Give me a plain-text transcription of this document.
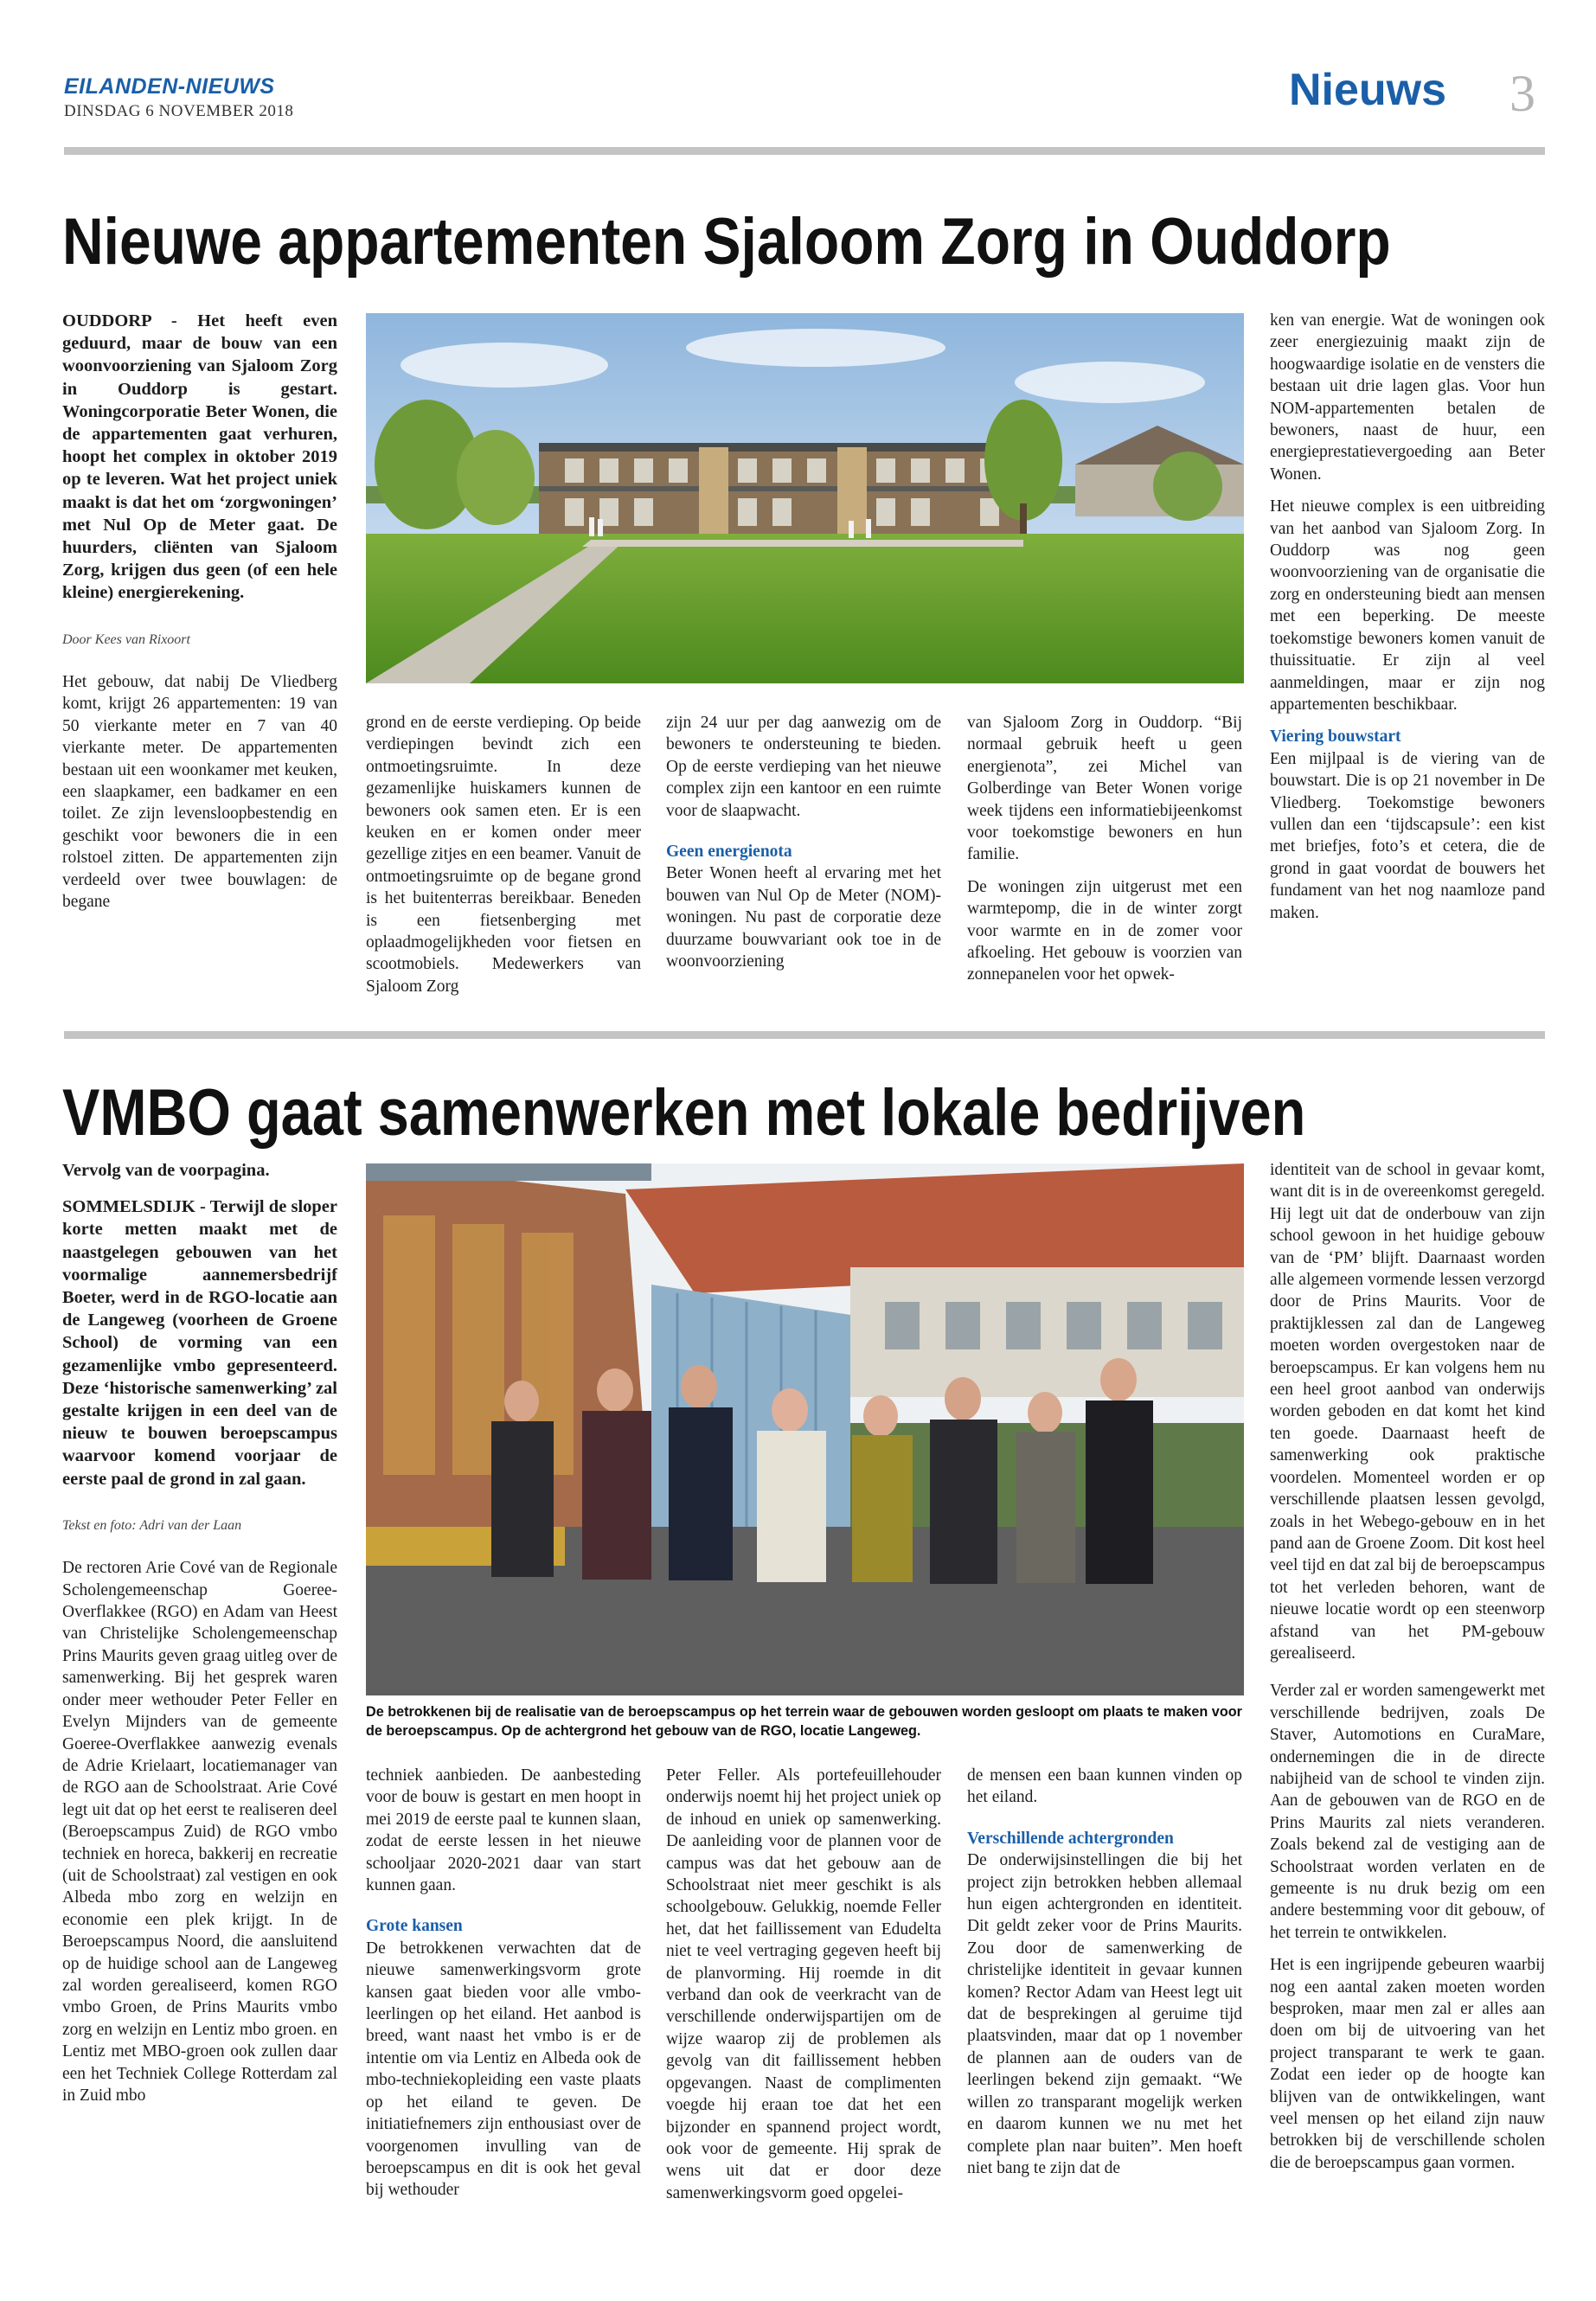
EILANDEN-NIEUWS
DINSDAG 6 NOVEMBER 2018	Nieuws 3
Nieuwe appartementen Sjaloom Zorg in Ouddorp

OUDDORP - Het heeft even geduurd, maar de bouw van een woonvoorziening van Sjaloom Zorg in Ouddorp is gestart. Woningcorporatie Beter Wonen, die de appartementen gaat verhuren, hoopt het complex in oktober 2019 op te leveren. Wat het project uniek maakt is dat het om ‘zorgwoningen’ met Nul Op de Meter gaat. De huurders, cliënten van Sjaloom Zorg, krijgen dus geen (of een hele kleine) energierekening.

Door Kees van Rixoort

Het gebouw, dat nabij De Vliedberg komt, krijgt 26 appartementen: 19 van 50 vierkante meter en 7 van 40 vierkante meter. De appartementen bestaan uit een woonkamer met keuken, een slaapkamer, een badkamer en een toilet. Ze zijn levensloopbestendig en geschikt voor bewoners die in een rolstoel zitten. De appartementen zijn verdeeld over twee bouwlagen: de begane

grond en de eerste verdieping. Op beide verdiepingen bevindt zich een ontmoetingsruimte. In deze gezamenlijke huiskamers kunnen de bewoners ook samen eten. Er is een keuken en er komen onder meer gezellige zitjes en een beamer. Vanuit de ontmoetingsruimte op de begane grond is het buitenterras bereikbaar. Beneden is een fietsenberging met oplaadmogelijkheden voor fietsen en scootmobiels. Medewerkers van Sjaloom Zorg

zijn 24 uur per dag aanwezig om de bewoners te ondersteuning te bieden. Op de eerste verdieping van het nieuwe complex zijn een kantoor en een ruimte voor de slaapwacht.

Geen energienota

Beter Wonen heeft al ervaring met het bouwen van Nul Op de Meter (NOM)-woningen. Nu past de corporatie deze duurzame bouwvariant ook toe in de woonvoorziening

van Sjaloom Zorg in Ouddorp. “Bij normaal gebruik heeft u geen energienota”, zei Michel van Golberdinge van Beter Wonen vorige week tijdens een informatiebijeenkomst voor toekomstige bewoners en hun familie.

De woningen zijn uitgerust met een warmtepomp, die in de winter zorgt voor warmte en in de zomer voor afkoeling. Het gebouw is voorzien van zonnepanelen voor het opwek-

ken van energie. Wat de woningen ook zeer energiezuinig maakt zijn de hoogwaardige isolatie en de vensters die bestaan uit drie lagen glas. Voor hun NOM-appartementen betalen de bewoners, naast de huur, een energieprestatievergoeding aan Beter Wonen.

Het nieuwe complex is een uitbreiding van het aanbod van Sjaloom Zorg. In Ouddorp was nog geen woonvoorziening van de organisatie die zorg en ondersteuning biedt aan mensen met een beperking. De meeste toekomstige bewoners komen vanuit de thuissituatie. Er zijn al veel aanmeldingen, maar er zijn nog appartementen beschikbaar.

Viering bouwstart

Een mijlpaal is de viering van de bouwstart. Die is op 21 november in De Vliedberg. Toekomstige bewoners vullen dan een ‘tijdscapsule’: een kist met briefjes, foto’s et cetera, die de grond in gaat voordat de bouwers het fundament van het nog naamloze pand maken.

VMBO gaat samenwerken met lokale bedrijven
De betrokkenen bij de realisatie van de beroepscampus op het terrein waar de gebouwen worden gesloopt om plaats te maken voor de beroepscampus. Op de achtergrond het gebouw van de RGO, locatie Langeweg.

Vervolg van de voorpagina.

SOMMELSDIJK - Terwijl de sloper korte metten maakt met de naastgelegen gebouwen van het voormalige aannemersbedrijf Boeter, werd in de RGO-locatie aan de Langeweg (voorheen de Groene School) de vorming van een gezamenlijke vmbo gepresenteerd. Deze ‘historische samenwerking’ zal gestalte krijgen in een deel van de nieuw te bouwen beroepscampus waarvoor komend voorjaar de eerste paal de grond in zal gaan.

Tekst en foto: Adri van der Laan

De rectoren Arie Cové van de Regionale Scholengemeenschap Goeree-Overflakkee (RGO) en Adam van Heest van Christelijke Scholengemeenschap Prins Maurits geven graag uitleg over de samenwerking. Bij het gesprek waren onder meer wethouder Peter Feller en Evelyn Mijnders van de gemeente Goeree-Overflakkee aanwezig evenals de Adrie Krielaart, locatiemanager van de RGO aan de Schoolstraat. Arie Cové legt uit dat op het eerst te realiseren deel (Beroepscampus Zuid) de RGO vmbo techniek en horeca, bakkerij en recreatie (uit de Schoolstraat) zal vestigen en ook Albeda mbo zorg en welzijn en economie een plek krijgt. In de Beroepscampus Noord, die aansluitend op de huidige school aan de Langeweg zal worden gerealiseerd, komen RGO vmbo Groen, de Prins Maurits vmbo zorg en welzijn en Lentiz mbo groen. en Lentiz met MBO-groen ook zullen daar een het Techniek College Rotterdam zal in Zuid mbo

techniek aanbieden. De aanbesteding voor de bouw is gestart en men hoopt in mei 2019 de eerste paal te kunnen slaan, zodat de eerste lessen in het nieuwe schooljaar 2020-2021 daar van start kunnen gaan.

Grote kansen

De betrokkenen verwachten dat de nieuwe samenwerkingsvorm grote kansen gaat bieden voor alle vmbo-leerlingen op het eiland. Het aanbod is breed, want naast het vmbo is er de intentie om via Lentiz en Albeda ook de mbo-techniekopleiding een vaste plaats op het eiland te geven. De initiatiefnemers zijn enthousiast over de voorgenomen invulling van de beroepscampus en dit is ook het geval bij wethouder

Peter Feller. Als portefeuillehouder onderwijs noemt hij het project uniek op de inhoud en uniek op samenwerking. De aanleiding voor de plannen voor de campus was dat het gebouw aan de Schoolstraat niet meer geschikt is als schoolgebouw. Gelukkig, noemde Feller het, dat het faillissement van Edudelta niet te veel vertraging gegeven heeft bij de planvorming. Hij roemde in dit verband dan ook de veerkracht van de verschillende onderwijspartijen om de wijze waarop zij de problemen als gevolg van dit faillissement hebben opgevangen. Naast de complimenten voegde hij eraan toe dat het een bijzonder en spannend project wordt, ook voor de gemeente. Hij sprak de wens uit dat er door deze samenwerkingsvorm goed opgelei-

de mensen een baan kunnen vinden op het eiland.

Verschillende achtergronden

De onderwijsinstellingen die bij het project zijn betrokken hebben allemaal hun eigen achtergronden en identiteit. Dit geldt zeker voor de Prins Maurits. Zou door de samenwerking de christelijke identiteit in gevaar kunnen komen? Rector Adam van Heest legt uit dat de besprekingen al geruime tijd plaatsvinden, maar dat op 1 november de plannen aan de ouders van de leerlingen bekend zijn gemaakt. “We willen zo transparant mogelijk werken en daarom kunnen we nu met het complete plan naar buiten”. Men hoeft niet bang te zijn dat de

identiteit van de school in gevaar komt, want dit is in de overeenkomst geregeld. Hij legt uit dat de onderbouw van zijn school gewoon in het huidige gebouw van de ‘PM’ blijft. Daarnaast worden alle algemeen vormende lessen verzorgd door de Prins Maurits. Voor de praktijklessen zal dan de Langeweg moeten worden overgestoken naar de beroepscampus. Er kan volgens hem nu een heel groot aanbod van onderwijs worden geboden en dat komt het kind ten goede. Daarnaast heeft de samenwerking ook praktische voordelen. Momenteel worden er op verschillende plaatsen lessen gevolgd, zoals in het Webego-gebouw en in het pand aan de Groene Zoom. Dit kost heel veel tijd en dat zal bij de beroepscampus tot het verleden behoren, want de nieuwe locatie wordt op een steenworp afstand van het PM-gebouw gerealiseerd.

Verder zal er worden samengewerkt met verschillende bedrijven, zoals De Staver, Automotions en CuraMare, ondernemingen die in de directe nabijheid van de school te vinden zijn. Aan de gebouwen van de RGO en de Prins Maurits zal niets veranderen. Zoals bekend zal de vestiging aan de Schoolstraat worden verlaten en de gemeente is nu druk bezig om een andere bestemming voor dit gebouw, of het terrein te ontwikkelen.

Het is een ingrijpende gebeuren waarbij nog een aantal zaken moeten worden besproken, maar men zal er alles aan doen om bij de uitvoering van het project transparant te werk te gaan. Zodat een ieder op de hoogte kan blijven van de ontwikkelingen, want veel mensen op het eiland zijn nauw betrokken bij de verschillende scholen die de beroepscampus gaan vormen.
